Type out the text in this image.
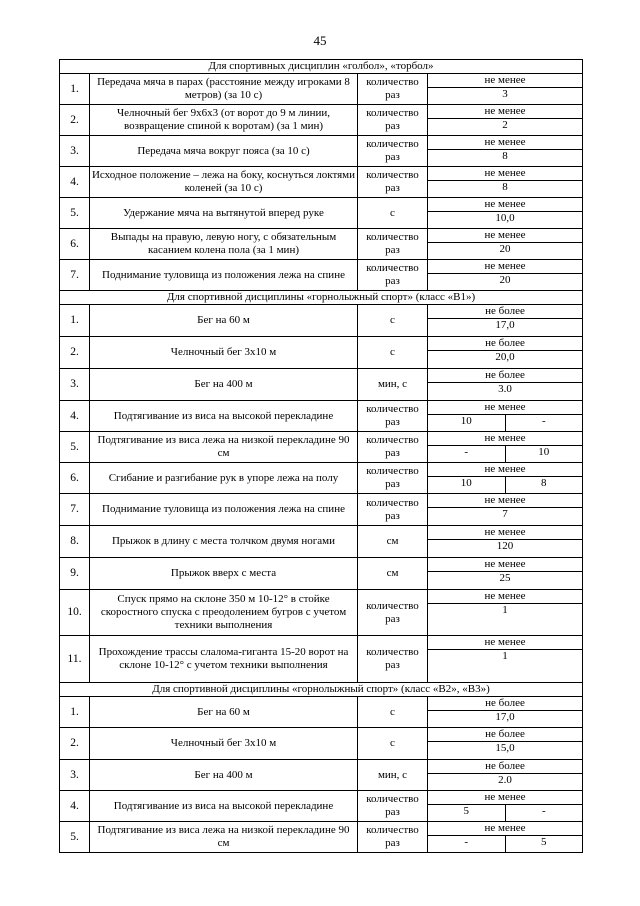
45
Для спортивных дисциплин «голбол», «торбол»			
1.	Передача мяча в парах (расстояние между игроками 8 метров) (за 10 с)	количество раз	не менее
3

2.	Челночный бег 9х6х3 (от ворот до 9 м линии, возвращение спиной к воротам) (за 1 мин)	количество раз	не менее
2

3.	Передача мяча вокруг пояса (за 10 с)	количество раз	не менее
8

4.	Исходное положение – лежа на боку, коснуться локтями коленей (за 10 с)	количество раз	не менее
8

5.	Удержание мяча на вытянутой вперед руке	с	не менее
10,0

6.	Выпады на правую, левую ногу, с обязательным касанием колена пола (за 1 мин)	количество раз	не менее
20

7.	Поднимание туловища из положения лежа на спине	количество раз	не менее
20

Для спортивной дисциплины «горнолыжный спорт» (класс «B1»)			
1.	Бег на 60 м	с	не более
17,0

2.	Челночный бег 3х10 м	с	не более
20,0

3.	Бег на 400 м	мин, с	не более
3.0

4.	Подтягивание из виса на высокой перекладине	количество раз	не менее
10 -

5.	Подтягивание из виса лежа на низкой перекладине 90 см	количество раз	не менее
- 10

6.	Сгибание и разгибание рук в упоре лежа на полу	количество раз	не менее
10 8

7.	Поднимание туловища из положения лежа на спине	количество раз	не менее
7

8.	Прыжок в длину с места толчком двумя ногами	см	не менее
120

9.	Прыжок вверх с места	см	не менее
25

10.	Спуск прямо на склоне 350 м 10-12° в стойке скоростного спуска с преодолением бугров с учетом техники выполнения	количество раз	не менее
1

11.	Прохождение трассы слалома-гиганта 15-20 ворот на склоне 10-12° с учетом техники выполнения	количество раз	не менее
1

Для спортивной дисциплины «горнолыжный спорт» (класс «B2», «B3»)			
1.	Бег на 60 м	с	не более
17,0

2.	Челночный бег 3х10 м	с	не более
15,0

3.	Бег на 400 м	мин, с	не более
2.0

4.	Подтягивание из виса на высокой перекладине	количество раз	не менее
5 -

5.	Подтягивание из виса лежа на низкой перекладине 90 см	количество раз	не менее
- 5
